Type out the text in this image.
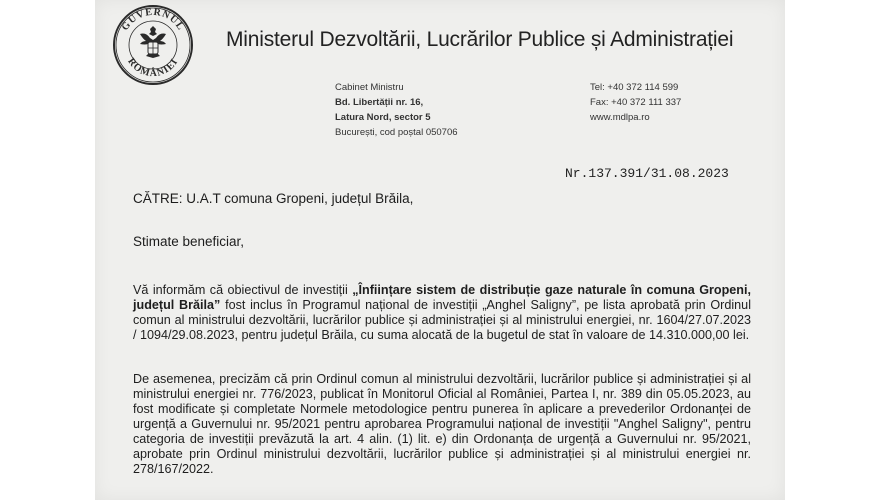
GUVERNUL
ROMÂNIEI
Ministerul Dezvoltării, Lucrărilor Publice și Administrației
Cabinet Ministru
Bd. Libertății nr. 16,
Latura Nord, sector 5
București, cod poștal 050706
Tel: +40 372 114 599
Fax: +40 372 111 337
www.mdlpa.ro
Nr.137.391/31.08.2023
CĂTRE: U.A.T comuna Gropeni, județul Brăila,
Stimate beneficiar,

Vă informăm că obiectivul de investiții „Înființare sistem de distribuție gaze naturale în comuna Gropeni, județul Brăila” fost inclus în Programul național de investiții „Anghel Saligny”, pe lista aprobată prin Ordinul comun al ministrului dezvoltării, lucrărilor publice și administrației și al ministrului energiei, nr. 1604/27.07.2023 / 1094/29.08.2023, pentru județul Brăila, cu suma alocată de la bugetul de stat în valoare de 14.310.000,00 lei.

De asemenea, precizăm că prin Ordinul comun al ministrului dezvoltării, lucrărilor publice și administrației și al ministrului energiei nr. 776/2023, publicat în Monitorul Oficial al României, Partea I, nr. 389 din 05.05.2023, au fost modificate și completate Normele metodologice pentru punerea în aplicare a prevederilor Ordonanței de urgență a Guvernului nr. 95/2021 pentru aprobarea Programului național de investiții "Anghel Saligny", pentru categoria de investiții prevăzută la art. 4 alin. (1) lit. e) din Ordonanța de urgență a Guvernului nr. 95/2021, aprobate prin Ordinul ministrului dezvoltării, lucrărilor publice și administrației și al ministrului energiei nr. 278/167/2022.
